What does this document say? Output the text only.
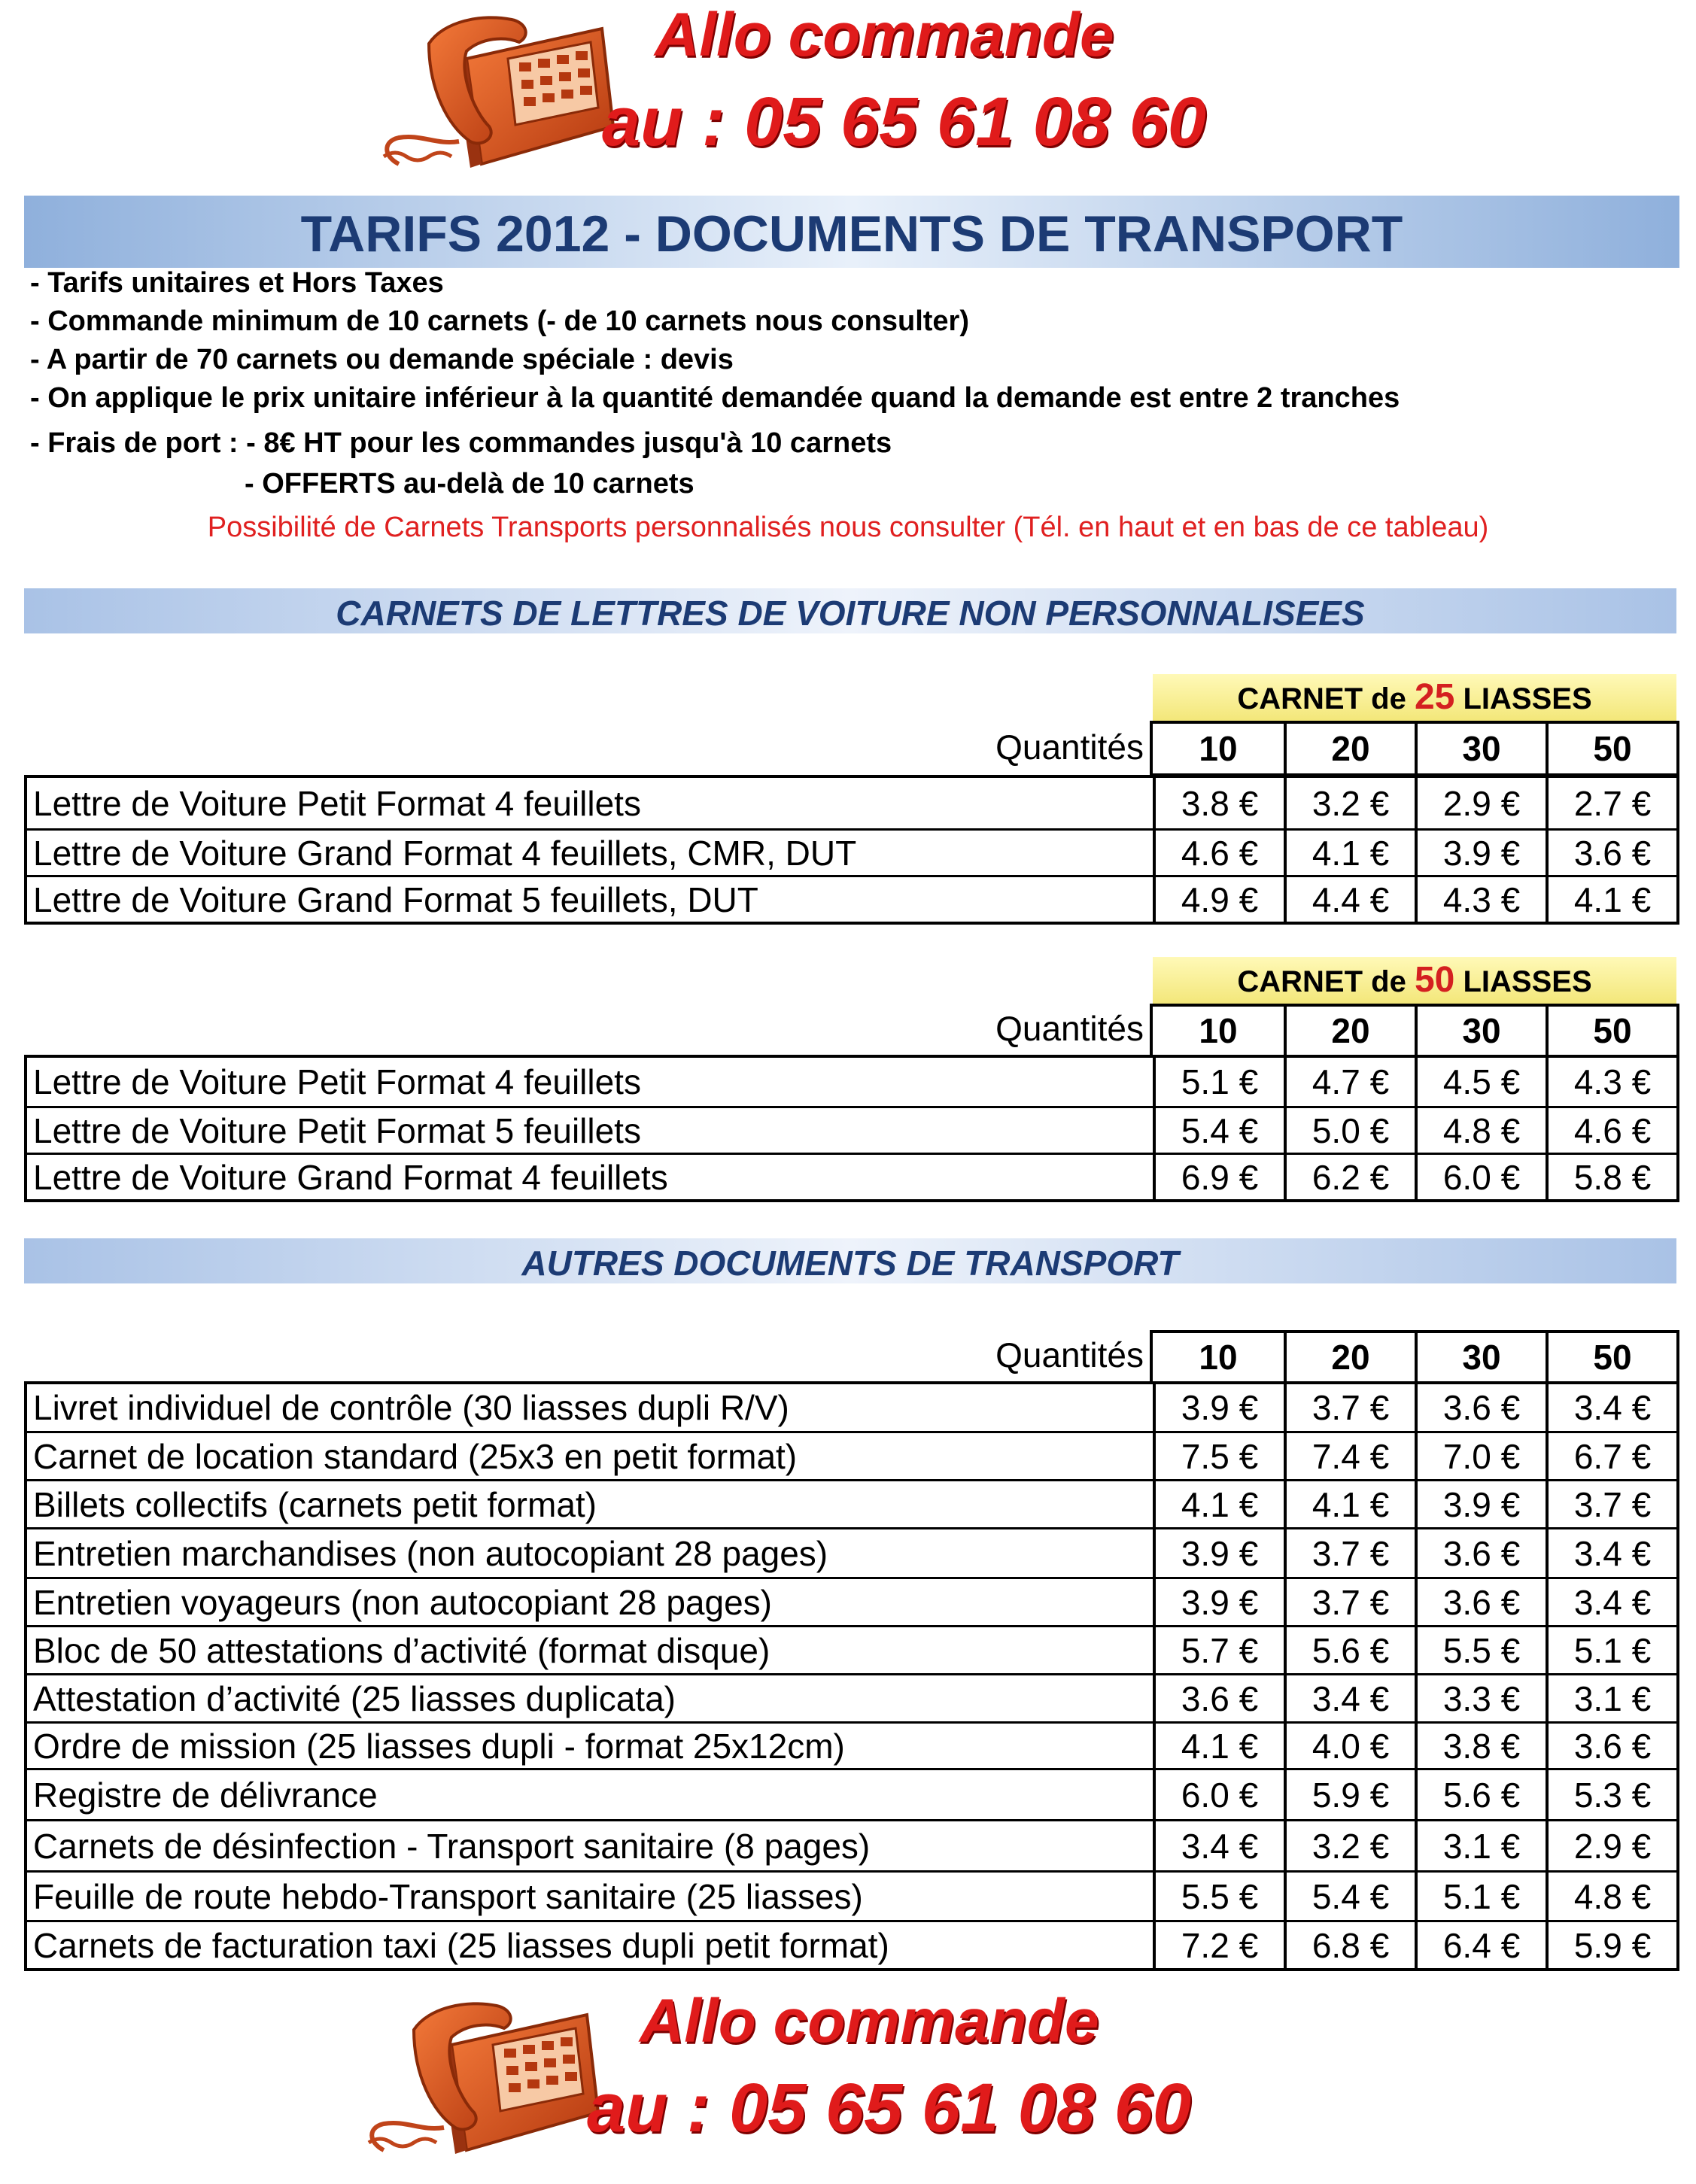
Allo commande
au : 05 65 61 08 60
TARIFS 2012 - DOCUMENTS DE TRANSPORT
- Tarifs unitaires et Hors Taxes
- Commande minimum de 10 carnets (- de 10 carnets nous consulter)
- A partir de 70 carnets ou demande spéciale : devis
- On applique le prix unitaire inférieur à la quantité demandée quand la demande est entre 2 tranches
- Frais de port : - 8€ HT pour les commandes jusqu'à 10 carnets
- OFFERTS au-delà de 10 carnets
Possibilité de Carnets Transports personnalisés nous consulter (Tél. en haut et en bas de ce tableau)
CARNETS DE LETTRES DE VOITURE NON PERSONNALISEES
CARNET de 25 LIASSES
Quantités	10	20	30	50
Lettre de Voiture Petit Format 4 feuillets	3.8 €	3.2 €	2.9 €	2.7 €
Lettre de Voiture Grand Format 4 feuillets, CMR, DUT	4.6 €	4.1 €	3.9 €	3.6 €
Lettre de Voiture Grand Format 5 feuillets, DUT	4.9 €	4.4 €	4.3 €	4.1 €
CARNET de 50 LIASSES
Quantités	10	20	30	50
Lettre de Voiture Petit Format 4 feuillets	5.1 €	4.7 €	4.5 €	4.3 €
Lettre de Voiture Petit Format 5 feuillets	5.4 €	5.0 €	4.8 €	4.6 €
Lettre de Voiture Grand Format 4 feuillets	6.9 €	6.2 €	6.0 €	5.8 €
AUTRES DOCUMENTS DE TRANSPORT
Quantités	10	20	30	50
Livret individuel de contrôle (30 liasses dupli R/V)	3.9 €	3.7 €	3.6 €	3.4 €
Carnet de location standard (25x3 en petit format)	7.5 €	7.4 €	7.0 €	6.7 €
Billets collectifs (carnets petit format)	4.1 €	4.1 €	3.9 €	3.7 €
Entretien marchandises (non autocopiant 28 pages)	3.9 €	3.7 €	3.6 €	3.4 €
Entretien voyageurs (non autocopiant 28 pages)	3.9 €	3.7 €	3.6 €	3.4 €
Bloc de 50 attestations d’activité (format disque)	5.7 €	5.6 €	5.5 €	5.1 €
Attestation d’activité (25 liasses duplicata)	3.6 €	3.4 €	3.3 €	3.1 €
Ordre de mission (25 liasses dupli - format 25x12cm)	4.1 €	4.0 €	3.8 €	3.6 €
Registre de délivrance	6.0 €	5.9 €	5.6 €	5.3 €
Carnets de désinfection - Transport sanitaire (8 pages)	3.4 €	3.2 €	3.1 €	2.9 €
Feuille de route hebdo-Transport sanitaire (25 liasses)	5.5 €	5.4 €	5.1 €	4.8 €
Carnets de facturation taxi (25 liasses dupli petit format)	7.2 €	6.8 €	6.4 €	5.9 €
Allo commande
au : 05 65 61 08 60
